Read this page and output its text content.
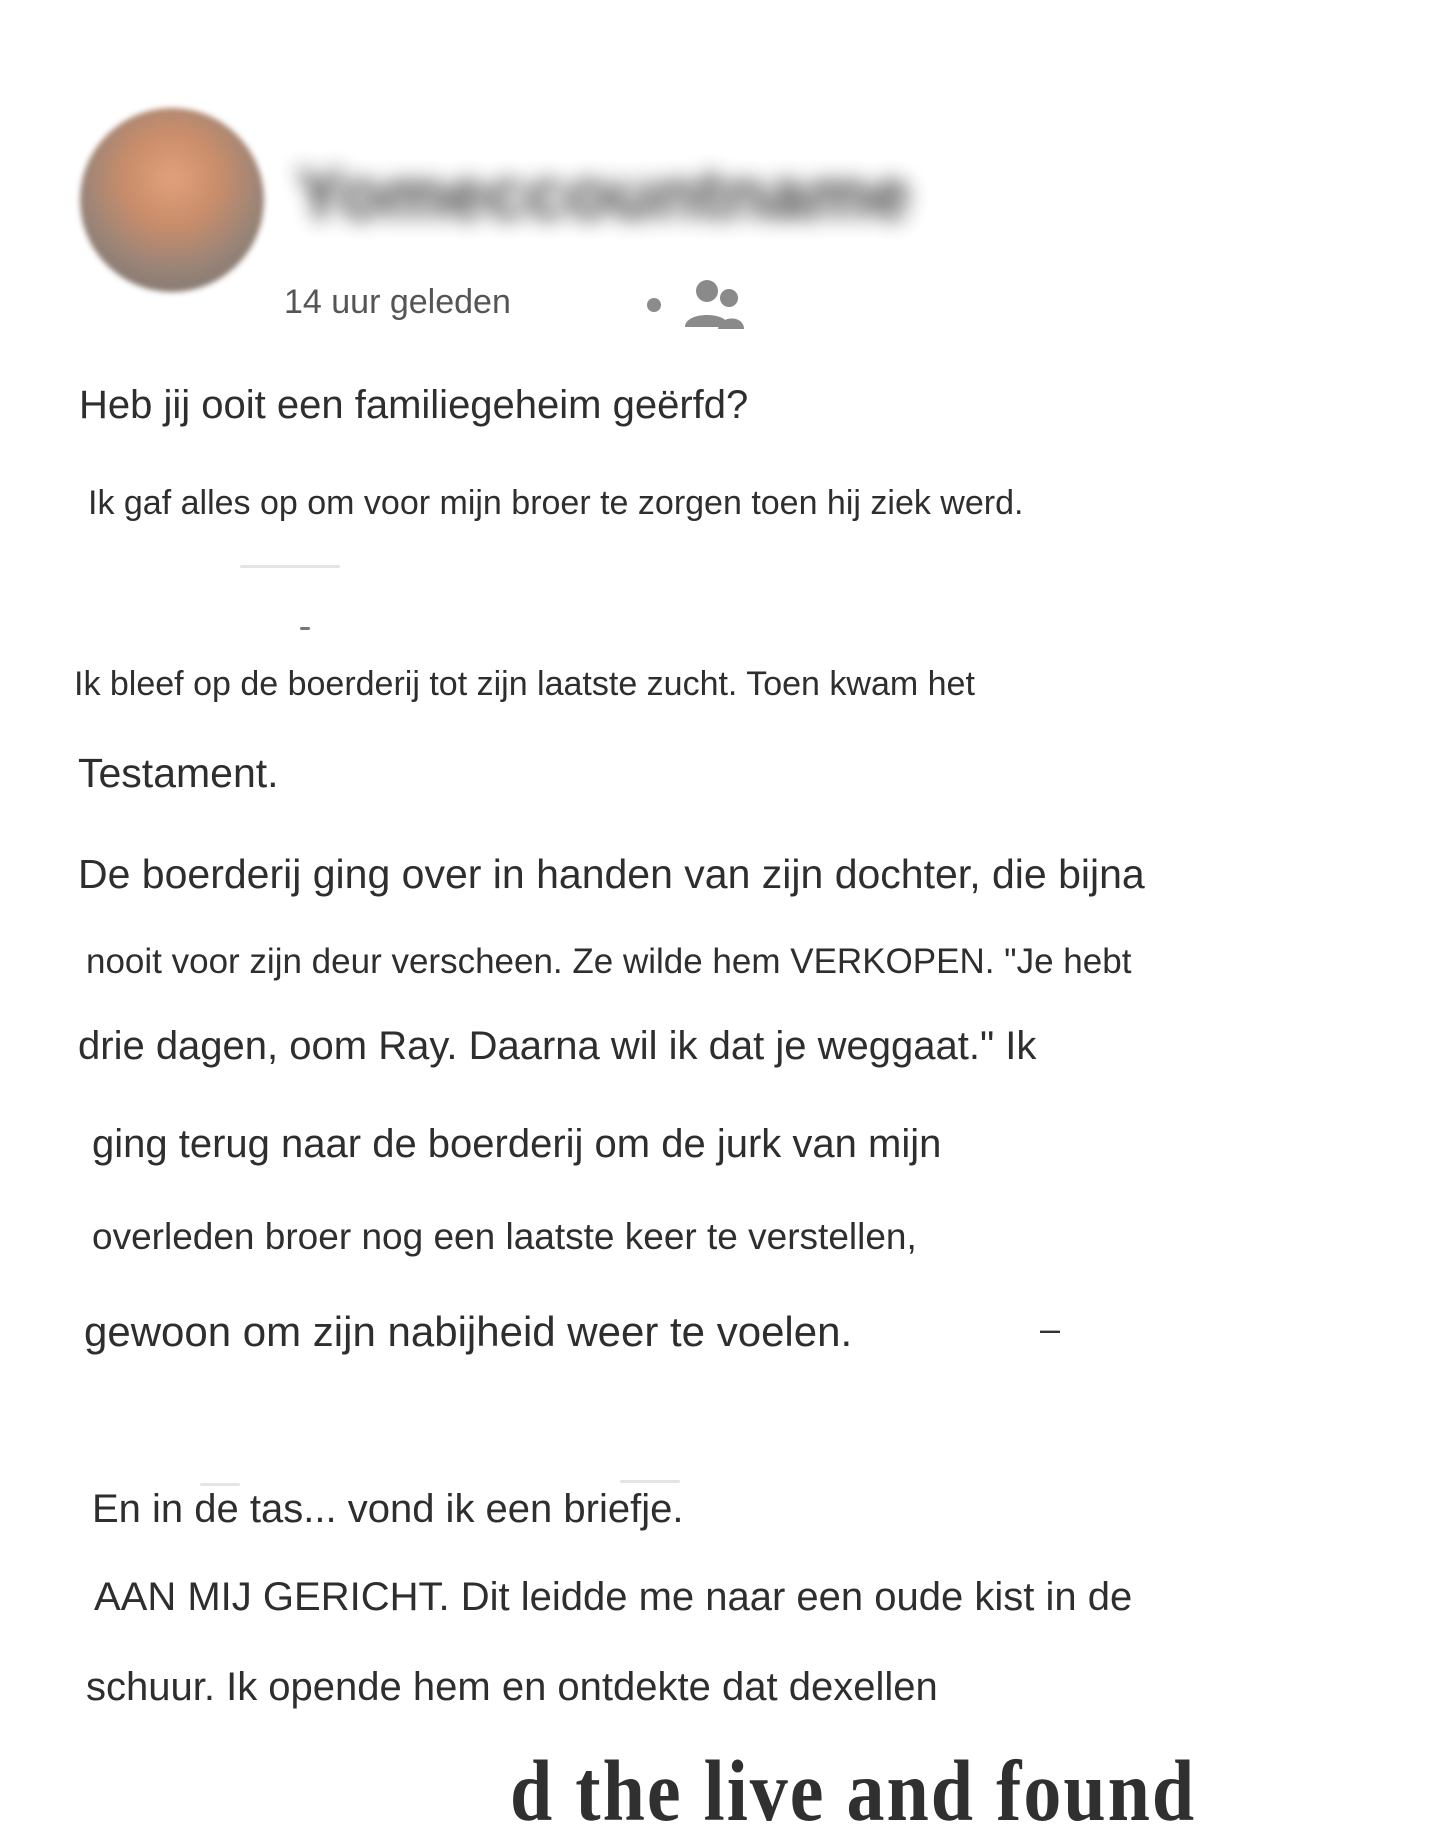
Yomeccountname
14 uur geleden
Heb jij ooit een familiegeheim geërfd?
Ik gaf alles op om voor mijn broer te zorgen toen hij ziek werd.
Ik bleef op de boerderij tot zijn laatste zucht. Toen kwam het
Testament.
De boerderij ging over in handen van zijn dochter, die bijna
nooit voor zijn deur verscheen. Ze wilde hem VERKOPEN. "Je hebt
drie dagen, oom Ray. Daarna wil ik dat je weggaat." Ik
ging terug naar de boerderij om de jurk van mijn
overleden broer nog een laatste keer te verstellen,
gewoon om zijn nabijheid weer te voelen.	–
En in de tas... vond ik een briefje.
AAN MIJ GERICHT. Dit leidde me naar een oude kist in de
schuur. Ik opende hem en ontdekte dat dexellen
d the live and found
